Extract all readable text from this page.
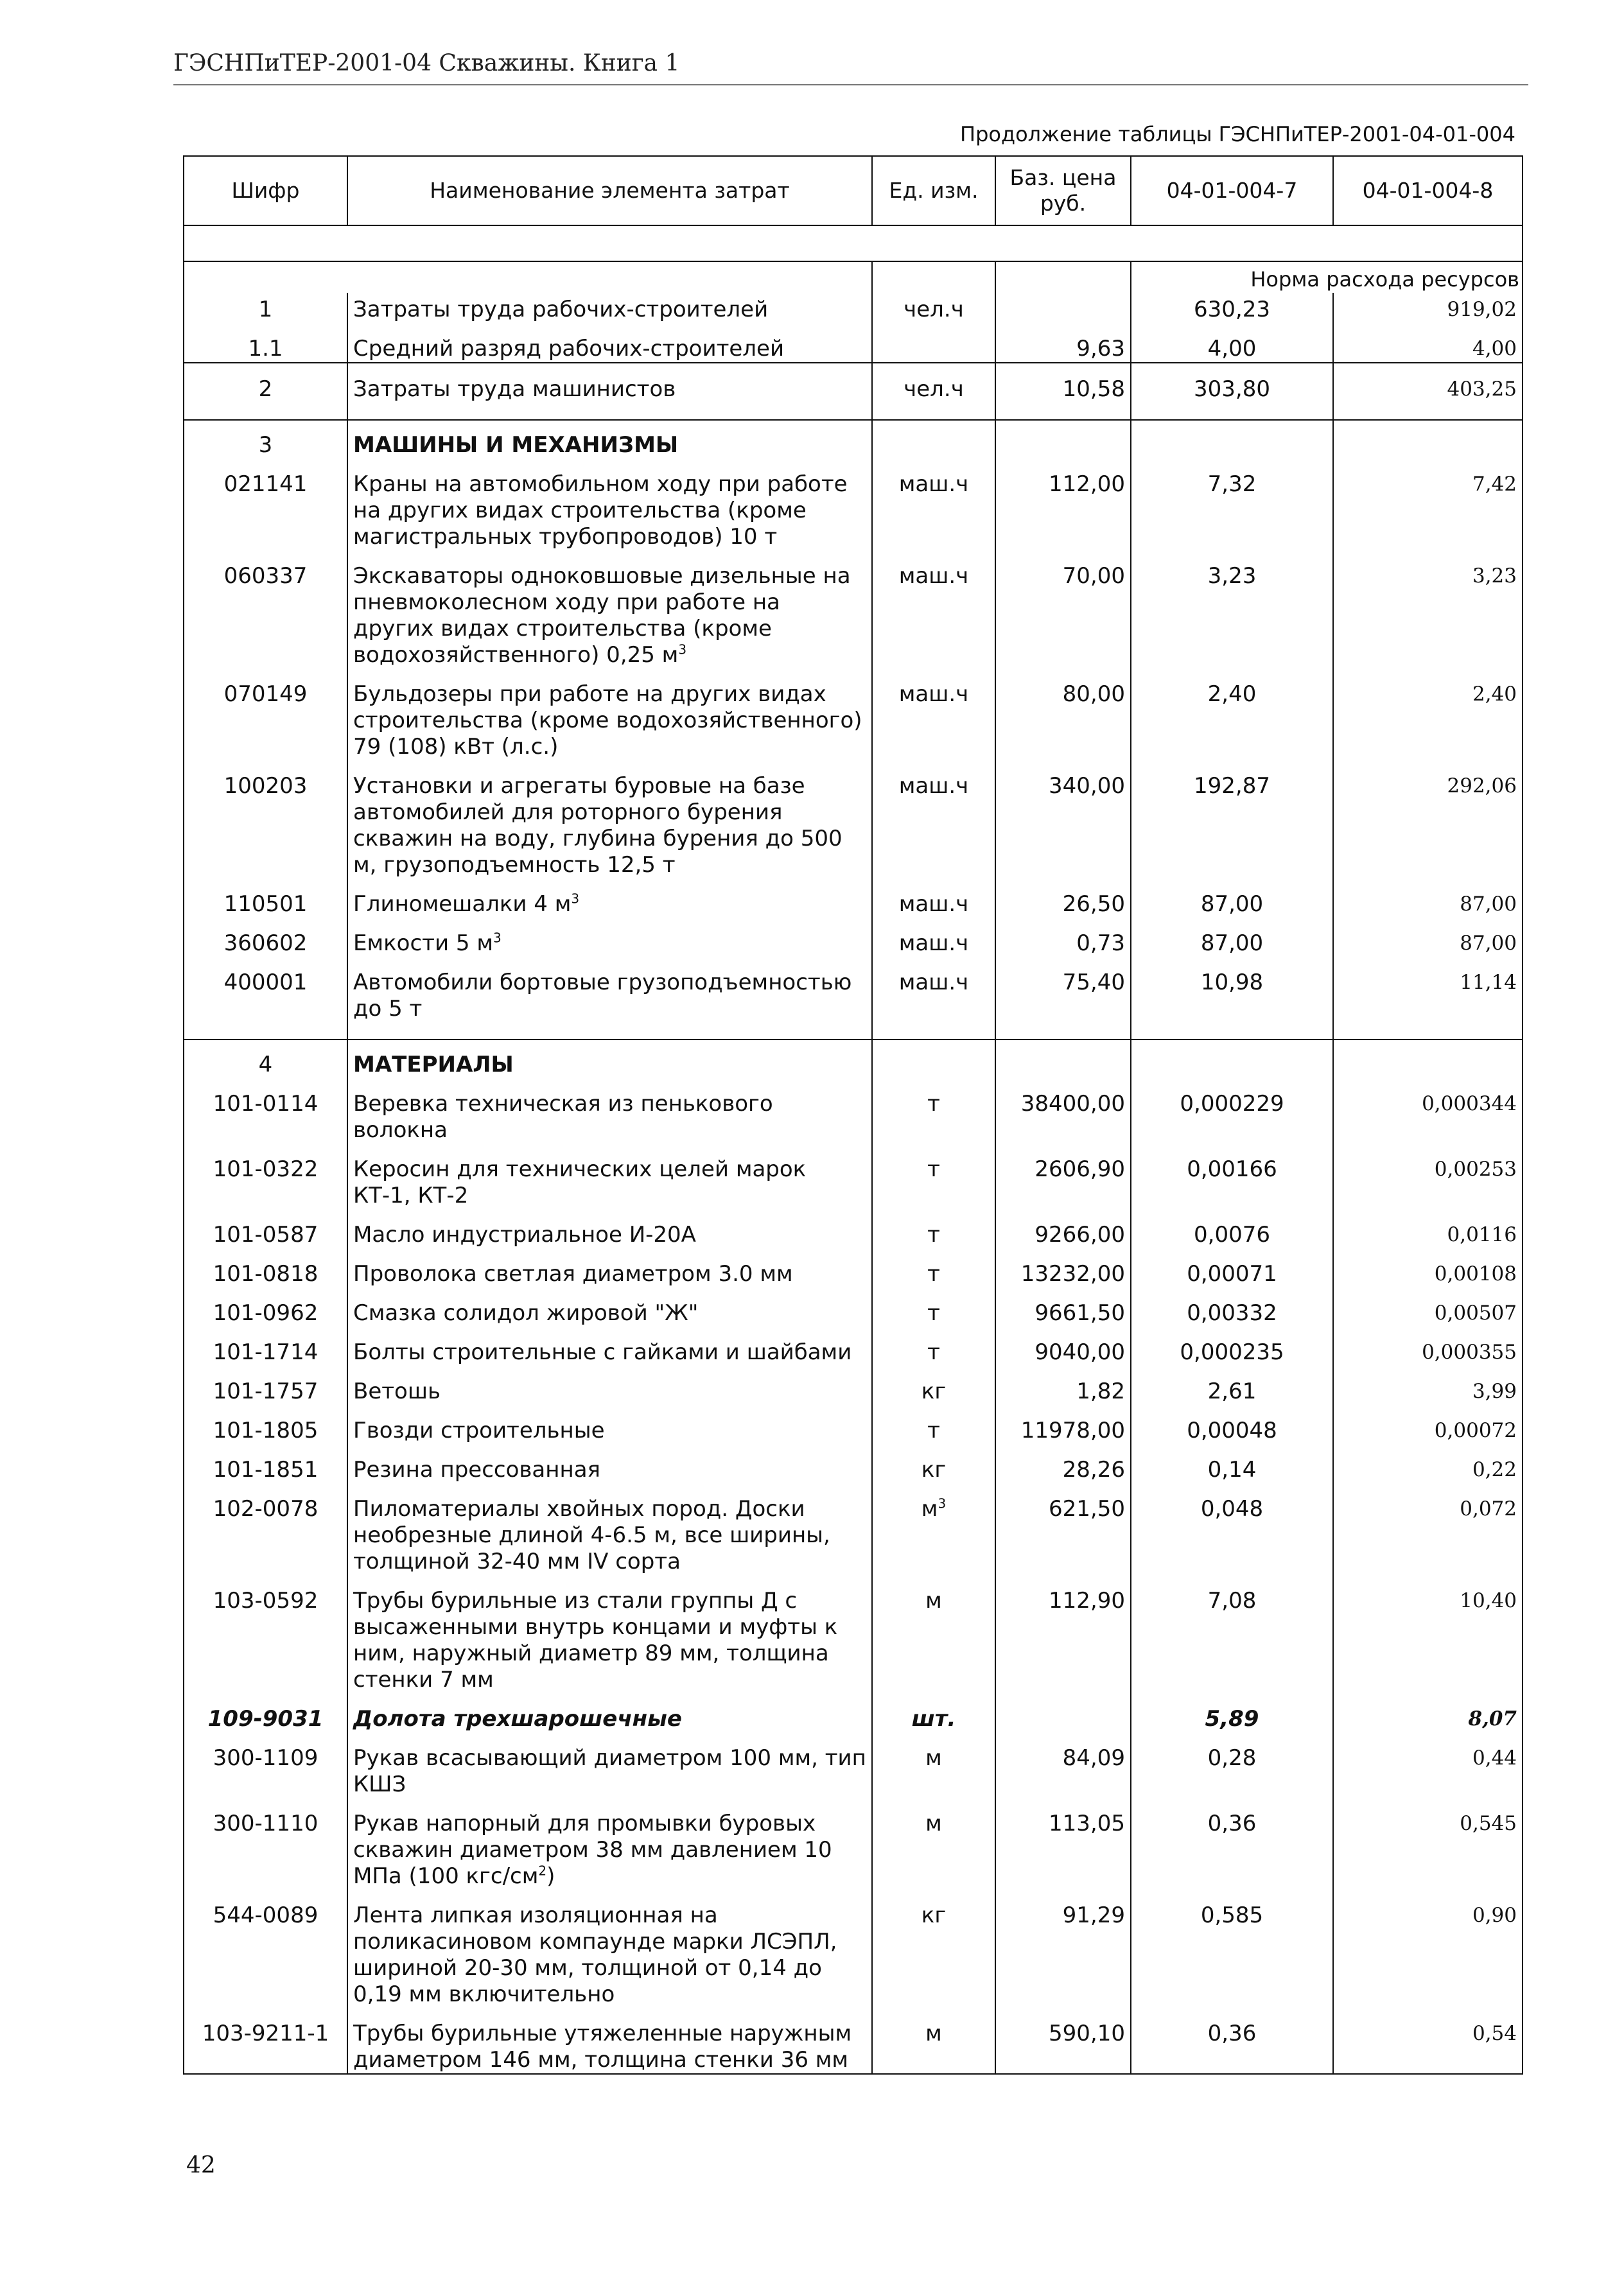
ГЭСНПиТЕР-2001-04 Скважины. Книга 1
Продолжение таблицы ГЭСНПиТЕР-2001-04-01-004
Шифр	Наименование элемента затрат	Ед. изм.	Баз. цена руб.	04-01-004-7	04-01-004-8

				Норма расхода ресурсов	
1	Затраты труда рабочих-строителей	чел.ч		630,23	919,02
1.1	Средний разряд рабочих-строителей		9,63	4,00	4,00
2	Затраты труда машинистов	чел.ч	10,58	303,80	403,25
3	МАШИНЫ И МЕХАНИЗМЫ				
021141	Краны на автомобильном ходу при работе на других видах строительства (кроме магистральных трубопроводов) 10 т	маш.ч	112,00	7,32	7,42
060337	Экскаваторы одноковшовые дизельные на пневмоколесном ходу при работе на других видах строительства (кроме водохозяйственного) 0,25 $м^3$	маш.ч	70,00	3,23	3,23
070149	Бульдозеры при работе на других видах строительства (кроме водохозяйственного) 79 (108) кВт (л.с.)	маш.ч	80,00	2,40	2,40
100203	Установки и агрегаты буровые на базе автомобилей для роторного бурения скважин на воду, глубина бурения до 500 м, грузоподъемность 12,5 т	маш.ч	340,00	192,87	292,06
110501	Глиномешалки 4 $м^3$	маш.ч	26,50	87,00	87,00
360602	Емкости 5 $м^3$	маш.ч	0,73	87,00	87,00
400001	Автомобили бортовые грузоподъемностью до 5 т	маш.ч	75,40	10,98	11,14
4	МАТЕРИАЛЫ				
101-0114	Веревка техническая из пенькового волокна	т	38400,00	0,000229	0,000344
101-0322	Керосин для технических целей марок КТ-1, КТ-2	т	2606,90	0,00166	0,00253
101-0587	Масло индустриальное И-20А	т	9266,00	0,0076	0,0116
101-0818	Проволока светлая диаметром 3.0 мм	т	13232,00	0,00071	0,00108
101-0962	Смазка солидол жировой "Ж"	т	9661,50	0,00332	0,00507
101-1714	Болты строительные с гайками и шайбами	т	9040,00	0,000235	0,000355
101-1757	Ветошь	кг	1,82	2,61	3,99
101-1805	Гвозди строительные	т	11978,00	0,00048	0,00072
101-1851	Резина прессованная	кг	28,26	0,14	0,22
102-0078	Пиломатериалы хвойных пород. Доски необрезные длиной 4-6.5 м, все ширины, толщиной 32-40 мм IV сорта	$м^3$	621,50	0,048	0,072
103-0592	Трубы бурильные из стали группы Д с высаженными внутрь концами и муфты к ним, наружный диаметр 89 мм, толщина стенки 7 мм	м	112,90	7,08	10,40
109-9031	Долота трехшарошечные	шт.		5,89	8,07
300-1109	Рукав всасывающий диаметром 100 мм, тип КШЗ	м	84,09	0,28	0,44
300-1110	Рукав напорный для промывки буровых скважин диаметром 38 мм давлением 10 МПа (100 кгс/$см^2$)	м	113,05	0,36	0,545
544-0089	Лента липкая изоляционная на поликасиновом компаунде марки ЛСЭПЛ, шириной 20-30 мм, толщиной от 0,14 до 0,19 мм включительно	кг	91,29	0,585	0,90
103-9211-1	Трубы бурильные утяжеленные наружным диаметром 146 мм, толщина стенки 36 мм	м	590,10	0,36	0,54
42
